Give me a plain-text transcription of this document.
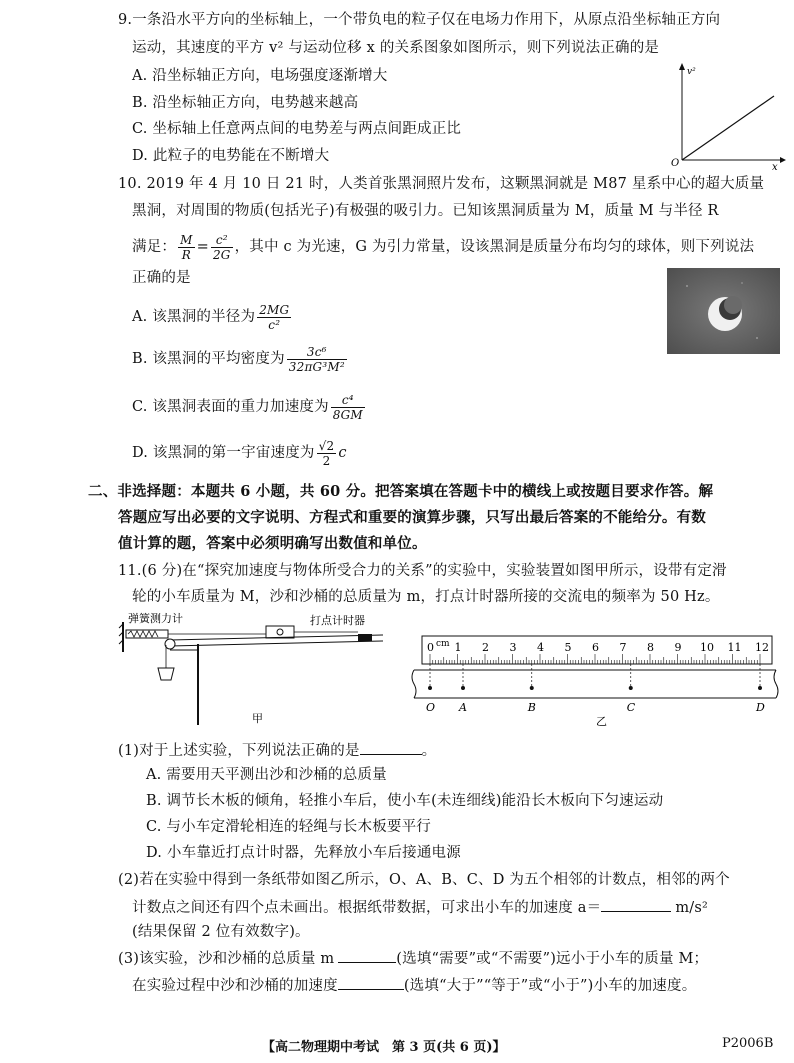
9.一条沿水平方向的坐标轴上，一个带负电的粒子仅在电场力作用下，从原点沿坐标轴正方向
运动，其速度的平方 v² 与运动位移 x 的关系图象如图所示，则下列说法正确的是
A. 沿坐标轴正方向，电场强度逐渐增大
B. 沿坐标轴正方向，电势越来越高
C. 坐标轴上任意两点间的电势差与两点间距成正比
D. 此粒子的电势能在不断增大
v²
x
O
10. 2019 年 4 月 10 日 21 时，人类首张黑洞照片发布，这颗黑洞就是 M87 星系中心的超大质量
黑洞，对周围的物质(包括光子)有极强的吸引力。已知该黑洞质量为 M，质量 M 与半径 R
满足： $\frac{M}{R} = \frac{\text{c²}}{2G}$ ，其中 c 为光速，G 为引力常量，设该黑洞是质量分布均匀的球体，则下列说法
正确的是
A. 该黑洞的半径为 $\frac{2MG}{\text{c²}}$
B. 该黑洞的平均密度为 $\frac{\text{3c⁶}}{\text{32πG³M²}}$
C. 该黑洞表面的重力加速度为 $\frac{\text{c⁴}}{8GM}$
D. 该黑洞的第一宇宙速度为 $\frac{√2}{2}$ c
二、非选择题：本题共 6 小题，共 60 分。把答案填在答题卡中的横线上或按题目要求作答。解
答题应写出必要的文字说明、方程式和重要的演算步骤，只写出最后答案的不能给分。有数
值计算的题，答案中必须明确写出数值和单位。
11.(6 分)在“探究加速度与物体所受合力的关系”的实验中，实验装置如图甲所示，设带有定滑
轮的小车质量为 M，沙和沙桶的总质量为 m，打点计时器所接的交流电的频率为 50 Hz。
弹簧测力计	打点计时器
甲
0 1 2 3 4 5 6 7 8 9 10 11 12
cm
O A	B	C	D
乙
(1)对于上述实验，下列说法正确的是	。
A. 需要用天平测出沙和沙桶的总质量
B. 调节长木板的倾角，轻推小车后，使小车(未连细线)能沿长木板向下匀速运动
C. 与小车定滑轮相连的轻绳与长木板要平行
D. 小车靠近打点计时器，先释放小车后接通电源
(2)若在实验中得到一条纸带如图乙所示，O、A、B、C、D 为五个相邻的计数点，相邻的两个
计数点之间还有四个点未画出。根据纸带数据，可求出小车的加速度 a＝	m/s²
(结果保留 2 位有效数字)。
(3)该实验，沙和沙桶的总质量 m	(选填“需要”或“不需要”)远小于小车的质量 M；
在实验过程中沙和沙桶的加速度	(选填“大于”“等于”或“小于”)小车的加速度。
【高二物理期中考试　第 3 页(共 6 页)】	P2006B
